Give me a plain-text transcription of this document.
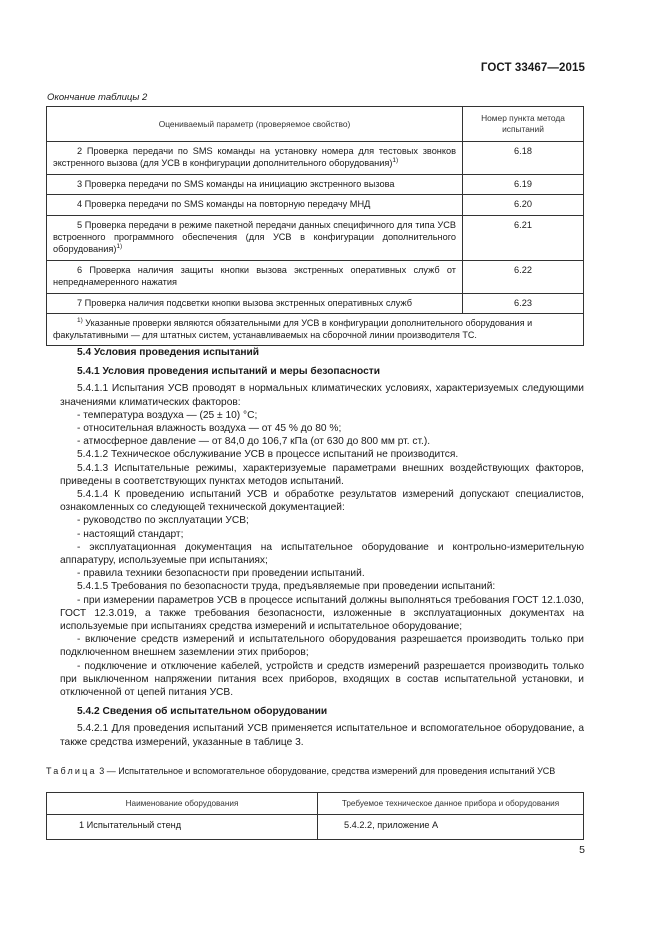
ГОСТ 33467—2015
Окончание таблицы 2
Оцениваемый параметр (проверяемое свойство)	Номер пункта метода испытаний

2 Проверка передачи по SMS команды на установку номера для тестовых звонков экстренного вызова (для УСВ в конфигурации дополнительного оборудования)$^{1)}$	6.18

3 Проверка передачи по SMS команды на инициацию экстренного вызова	6.19

4 Проверка передачи по SMS команды на повторную передачу МНД	6.20

5 Проверка передачи в режиме пакетной передачи данных специфичного для типа УСВ встроенного программного обеспечения (для УСВ в конфигурации дополнительного оборудования)$^{1)}$	6.21

6 Проверка наличия защиты кнопки вызова экстренных оперативных служб от непреднамеренного нажатия	6.22

7 Проверка наличия подсветки кнопки вызова экстренных оперативных служб	6.23
$^{1)}$ Указанные проверки являются обязательными для УСВ в конфигурации дополнительного оборудования и факультативными — для штатных систем, устанавливаемых на сборочной линии производителя ТС.	
5.4 Условия проведения испытаний
5.4.1 Условия проведения испытаний и меры безопасности

5.4.1.1 Испытания УСВ проводят в нормальных климатических условиях, характеризуемых следующими значениями климатических факторов:

- температура воздуха — (25 ± 10) °С;

- относительная влажность воздуха — от 45 % до 80 %;

- атмосферное давление — от 84,0 до 106,7 кПа (от 630 до 800 мм рт. ст.).

5.4.1.2 Техническое обслуживание УСВ в процессе испытаний не производится.

5.4.1.3 Испытательные режимы, характеризуемые параметрами внешних воздействующих факторов, приведены в соответствующих пунктах методов испытаний.

5.4.1.4 К проведению испытаний УСВ и обработке результатов измерений допускают специалистов, ознакомленных со следующей технической документацией:

- руководство по эксплуатации УСВ;

- настоящий стандарт;

- эксплуатационная документация на испытательное оборудование и контрольно-измерительную аппаратуру, используемые при испытаниях;

- правила техники безопасности при проведении испытаний.

5.4.1.5 Требования по безопасности труда, предъявляемые при проведении испытаний:

- при измерении параметров УСВ в процессе испытаний должны выполняться требования ГОСТ 12.1.030, ГОСТ 12.3.019, а также требования безопасности, изложенные в эксплуатационных документах на используемые при испытаниях средства измерений и испытательное оборудование;

- включение средств измерений и испытательного оборудования разрешается производить только при подключенном внешнем заземлении этих приборов;

- подключение и отключение кабелей, устройств и средств измерений разрешается производить только при выключенном напряжении питания всех приборов, входящих в состав испытательной установки, и отключенной от цепей питания УСВ.

5.4.2 Сведения об испытательном оборудовании

5.4.2.1 Для проведения испытаний УСВ применяется испытательное и вспомогательное оборудование, а также средства измерений, указанные в таблице 3.

Таблица 3 — Испытательное и вспомогательное оборудование, средства измерений для проведения испытаний УСВ
Наименование оборудования	Требуемое техническое данное прибора и оборудования
1 Испытательный стенд	5.4.2.2, приложение А
5
